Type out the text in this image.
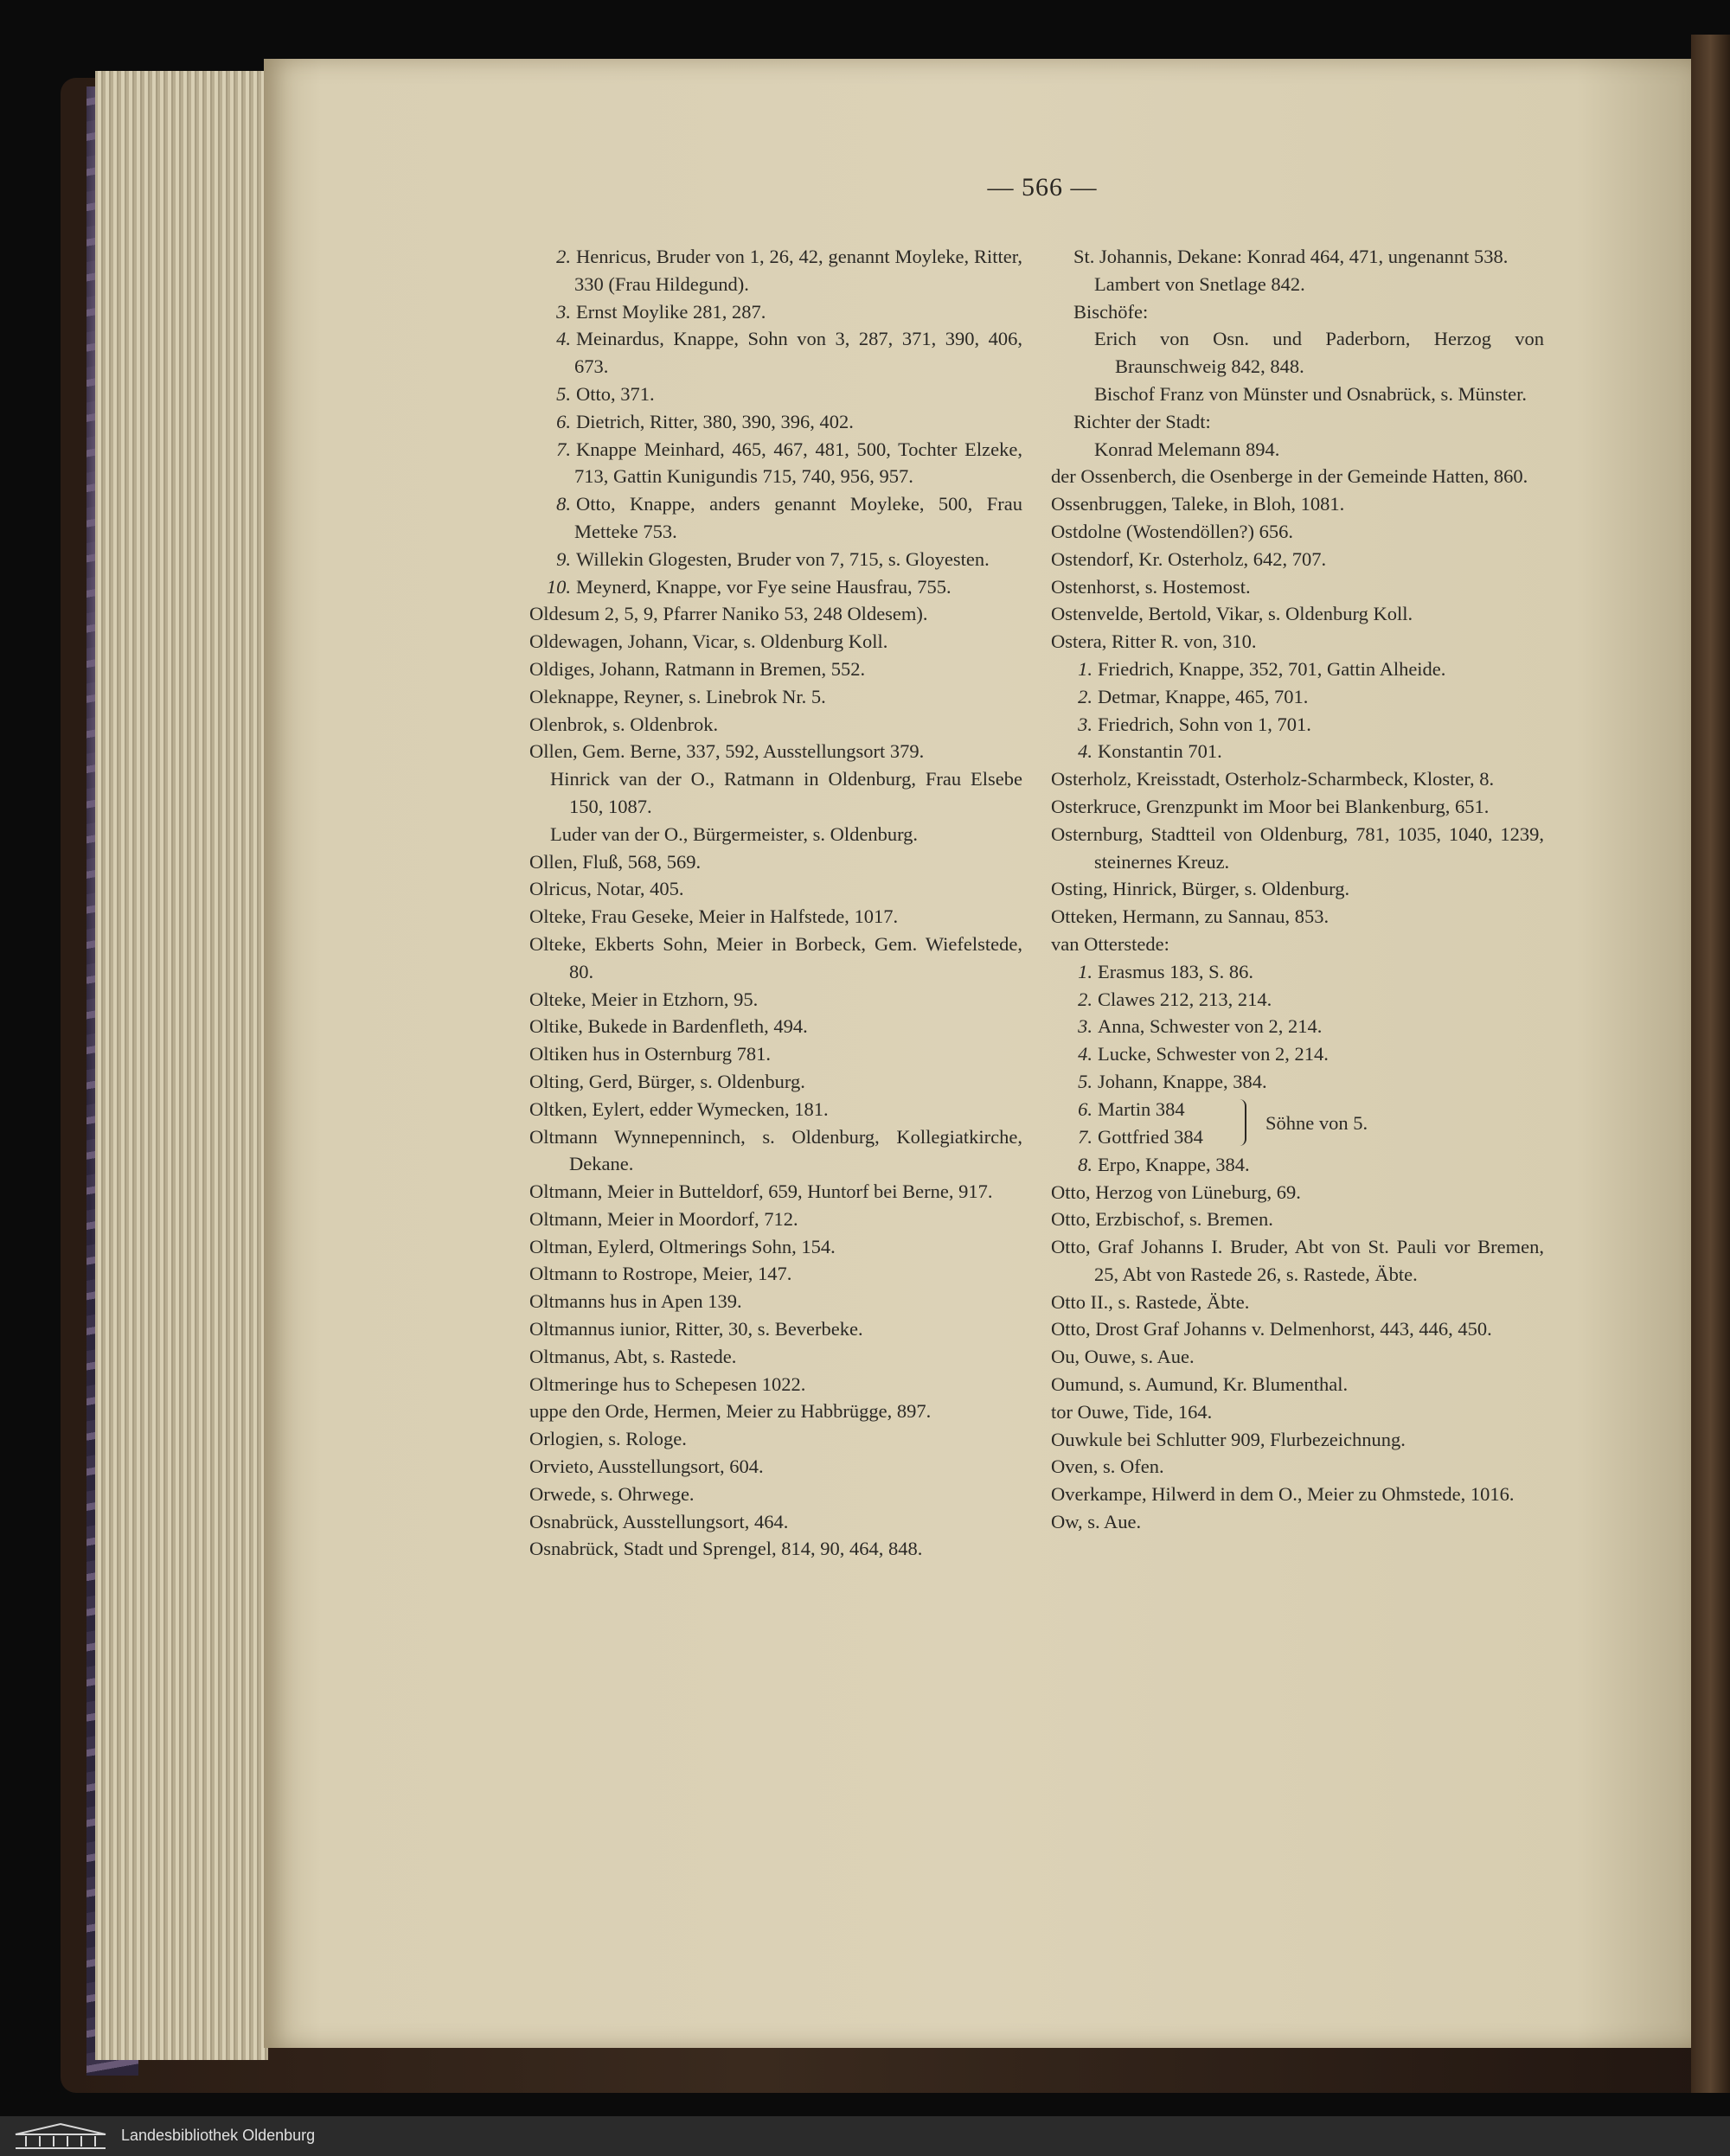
— 566 —
2. Henricus, Bruder von 1, 26, 42, genannt Moyleke, Ritter, 330 (Frau Hildegund).
3. Ernst Moylike 281, 287.
4. Meinardus, Knappe, Sohn von 3, 287, 371, 390, 406, 673.
5. Otto, 371.
6. Dietrich, Ritter, 380, 390, 396, 402.
7. Knappe Meinhard, 465, 467, 481, 500, Tochter Elzeke, 713, Gattin Kunigundis 715, 740, 956, 957.
8. Otto, Knappe, anders genannt Moyleke, 500, Frau Metteke 753.
9. Willekin Glogesten, Bruder von 7, 715, s. Gloyesten.
10. Meynerd, Knappe, vor Fye seine Hausfrau, 755.
Oldesum 2, 5, 9, Pfarrer Naniko 53, 248 Oldesem).
Oldewagen, Johann, Vicar, s. Oldenburg Koll.
Oldiges, Johann, Ratmann in Bremen, 552.
Oleknappe, Reyner, s. Linebrok Nr. 5.
Olenbrok, s. Oldenbrok.
Ollen, Gem. Berne, 337, 592, Ausstellungsort 379.
Hinrick van der O., Ratmann in Oldenburg, Frau Elsebe 150, 1087.
Luder van der O., Bürgermeister, s. Oldenburg.
Ollen, Fluß, 568, 569.
Olricus, Notar, 405.
Olteke, Frau Geseke, Meier in Halfstede, 1017.
Olteke, Ekberts Sohn, Meier in Borbeck, Gem. Wiefelstede, 80.
Olteke, Meier in Etzhorn, 95.
Oltike, Bukede in Bardenfleth, 494.
Oltiken hus in Osternburg 781.
Olting, Gerd, Bürger, s. Oldenburg.
Oltken, Eylert, edder Wymecken, 181.
Oltmann Wynnepenninch, s. Oldenburg, Kollegiatkirche, Dekane.
Oltmann, Meier in Butteldorf, 659, Huntorf bei Berne, 917.
Oltmann, Meier in Moordorf, 712.
Oltman, Eylerd, Oltmerings Sohn, 154.
Oltmann to Rostrope, Meier, 147.
Oltmanns hus in Apen 139.
Oltmannus iunior, Ritter, 30, s. Beverbeke.
Oltmanus, Abt, s. Rastede.
Oltmeringe hus to Schepesen 1022.
uppe den Orde, Hermen, Meier zu Habbrügge, 897.
Orlogien, s. Rologe.
Orvieto, Ausstellungsort, 604.
Orwede, s. Ohrwege.
Osnabrück, Ausstellungsort, 464.
Osnabrück, Stadt und Sprengel, 814, 90, 464, 848.
St. Johannis, Dekane: Konrad 464, 471, ungenannt 538.
Lambert von Snetlage 842.
Bischöfe:
Erich von Osn. und Paderborn, Herzog von Braunschweig 842, 848.
Bischof Franz von Münster und Osnabrück, s. Münster.
Richter der Stadt:
Konrad Melemann 894.
der Ossenberch, die Osenberge in der Gemeinde Hatten, 860.
Ossenbruggen, Taleke, in Bloh, 1081.
Ostdolne (Wostendöllen?) 656.
Ostendorf, Kr. Osterholz, 642, 707.
Ostenhorst, s. Hostemost.
Ostenvelde, Bertold, Vikar, s. Oldenburg Koll.
Ostera, Ritter R. von, 310.
1. Friedrich, Knappe, 352, 701, Gattin Alheide.
2. Detmar, Knappe, 465, 701.
3. Friedrich, Sohn von 1, 701.
4. Konstantin 701.
Osterholz, Kreisstadt, Osterholz-Scharmbeck, Kloster, 8.
Osterkruce, Grenzpunkt im Moor bei Blankenburg, 651.
Osternburg, Stadtteil von Oldenburg, 781, 1035, 1040, 1239, steinernes Kreuz.
Osting, Hinrick, Bürger, s. Oldenburg.
Otteken, Hermann, zu Sannau, 853.
van Otterstede:
1. Erasmus 183, S. 86.
2. Clawes 212, 213, 214.
3. Anna, Schwester von 2, 214.
4. Lucke, Schwester von 2, 214.
5. Johann, Knappe, 384.
6. Martin 384
7. Gottfried 384
Söhne von 5.
8. Erpo, Knappe, 384.
Otto, Herzog von Lüneburg, 69.
Otto, Erzbischof, s. Bremen.
Otto, Graf Johanns I. Bruder, Abt von St. Pauli vor Bremen, 25, Abt von Rastede 26, s. Rastede, Äbte.
Otto II., s. Rastede, Äbte.
Otto, Drost Graf Johanns v. Delmenhorst, 443, 446, 450.
Ou, Ouwe, s. Aue.
Oumund, s. Aumund, Kr. Blumenthal.
tor Ouwe, Tide, 164.
Ouwkule bei Schlutter 909, Flurbezeichnung.
Oven, s. Ofen.
Overkampe, Hilwerd in dem O., Meier zu Ohmstede, 1016.
Ow, s. Aue.
Landesbibliothek Oldenburg
